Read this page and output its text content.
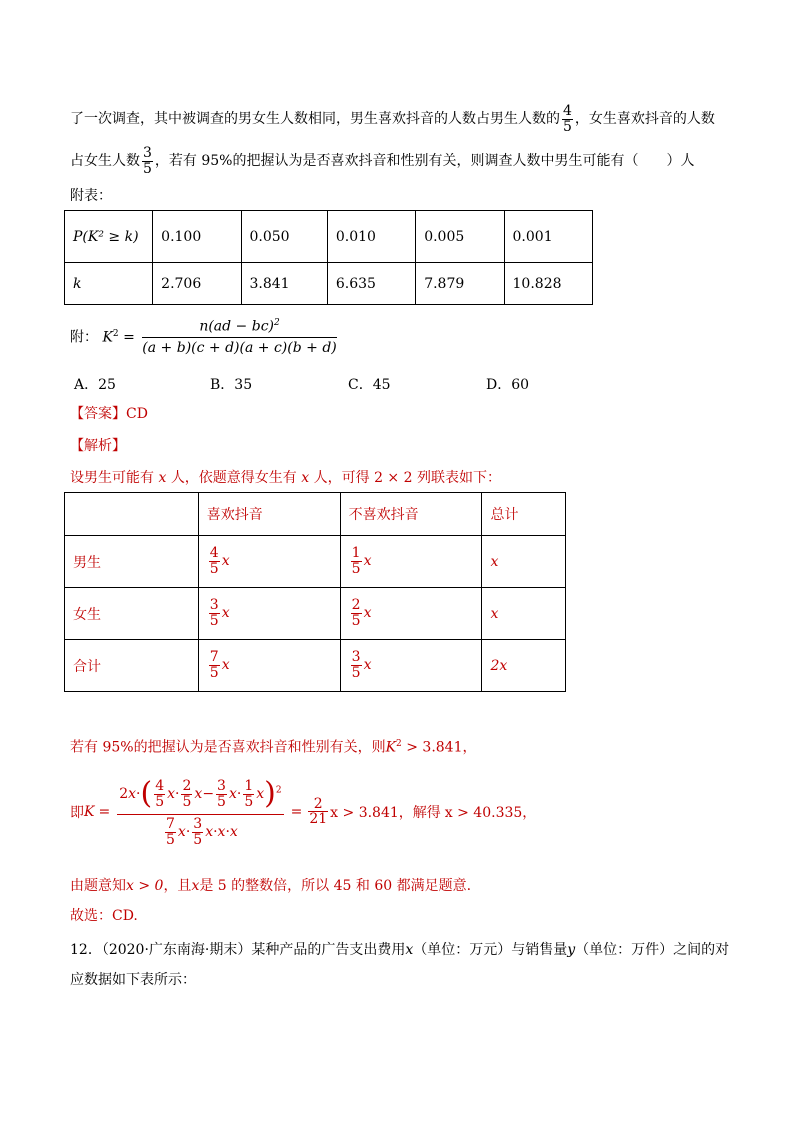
了一次调查，其中被调查的男女生人数相同，男生喜欢抖音的人数占男生人数的 $\frac{4}{5}$ ，女生喜欢抖音的人数
占女生人数 $\frac{3}{5}$ ，若有 95%的把握认为是否喜欢抖音和性别有关，则调查人数中男生可能有（　　）人
附表：
P(K² ≥ k)	0.100	0.050	0.010	0.005	0.001
k	2.706	3.841	6.635	7.879	10.828
附： $K^2 = \frac{n(ad - bc)^2}{(a + b)(c + d)(a + c)(b + d)}$
A．25	B．35	C．45	D．60
【答案】CD
【解析】
设男生可能有 x 人，依题意得女生有 x 人，可得 2 × 2 列联表如下：
	喜欢抖音	不喜欢抖音	总计
男生	$\frac{4}{5}$ x	$\frac{1}{5}$ x	x
女生	$\frac{3}{5}$ x	$\frac{2}{5}$ x	x
合计	$\frac{7}{5}$ x	$\frac{3}{5}$ x	2x
若有 95%的把握认为是否喜欢抖音和性别有关，则$K^2 > 3.841$，
即 $K = \frac{2x\cdot( \frac{4}{5} x\cdot \frac{2}{5} x- \frac{3}{5} x\cdot \frac{1}{5} x)^2}{\frac{7}{5} x\cdot \frac{3}{5} x\cdot x\cdot x} = \frac{2}{21}$ x > 3.841，解得 x > 40.335，
由题意知x > 0，且x是 5 的整数倍，所以 45 和 60 都满足题意.
故选：CD.
12．（2020·广东南海·期末）某种产品的广告支出费用x（单位：万元）与销售量y（单位：万件）之间的对
应数据如下表所示：
